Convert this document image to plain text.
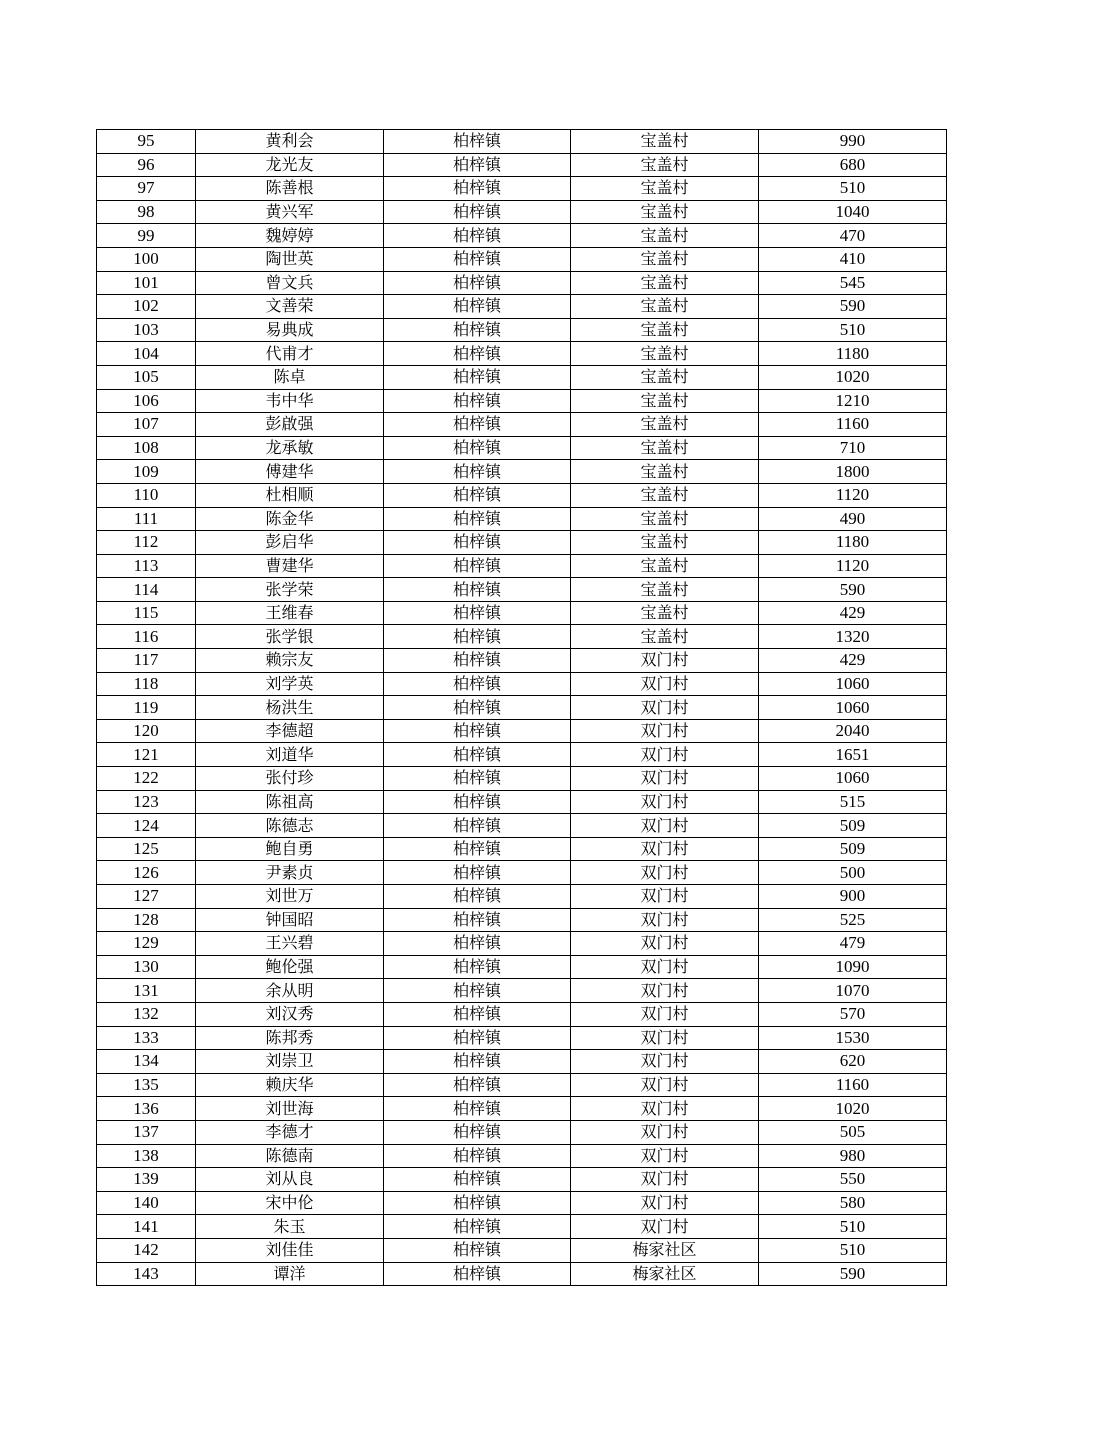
95	黄利会	柏梓镇	宝盖村	990
96	龙光友	柏梓镇	宝盖村	680
97	陈善根	柏梓镇	宝盖村	510
98	黄兴军	柏梓镇	宝盖村	1040
99	魏婷婷	柏梓镇	宝盖村	470
100	陶世英	柏梓镇	宝盖村	410
101	曾文兵	柏梓镇	宝盖村	545
102	文善荣	柏梓镇	宝盖村	590
103	易典成	柏梓镇	宝盖村	510
104	代甫才	柏梓镇	宝盖村	1180
105	陈卓	柏梓镇	宝盖村	1020
106	韦中华	柏梓镇	宝盖村	1210
107	彭啟强	柏梓镇	宝盖村	1160
108	龙承敏	柏梓镇	宝盖村	710
109	傅建华	柏梓镇	宝盖村	1800
110	杜相顺	柏梓镇	宝盖村	1120
111	陈金华	柏梓镇	宝盖村	490
112	彭启华	柏梓镇	宝盖村	1180
113	曹建华	柏梓镇	宝盖村	1120
114	张学荣	柏梓镇	宝盖村	590
115	王维春	柏梓镇	宝盖村	429
116	张学银	柏梓镇	宝盖村	1320
117	赖宗友	柏梓镇	双门村	429
118	刘学英	柏梓镇	双门村	1060
119	杨洪生	柏梓镇	双门村	1060
120	李德超	柏梓镇	双门村	2040
121	刘道华	柏梓镇	双门村	1651
122	张付珍	柏梓镇	双门村	1060
123	陈祖高	柏梓镇	双门村	515
124	陈德志	柏梓镇	双门村	509
125	鲍自勇	柏梓镇	双门村	509
126	尹素贞	柏梓镇	双门村	500
127	刘世万	柏梓镇	双门村	900
128	钟国昭	柏梓镇	双门村	525
129	王兴碧	柏梓镇	双门村	479
130	鲍伦强	柏梓镇	双门村	1090
131	余从明	柏梓镇	双门村	1070
132	刘汉秀	柏梓镇	双门村	570
133	陈邦秀	柏梓镇	双门村	1530
134	刘崇卫	柏梓镇	双门村	620
135	赖庆华	柏梓镇	双门村	1160
136	刘世海	柏梓镇	双门村	1020
137	李德才	柏梓镇	双门村	505
138	陈德南	柏梓镇	双门村	980
139	刘从良	柏梓镇	双门村	550
140	宋中伦	柏梓镇	双门村	580
141	朱玉	柏梓镇	双门村	510
142	刘佳佳	柏梓镇	梅家社区	510
143	谭洋	柏梓镇	梅家社区	590
